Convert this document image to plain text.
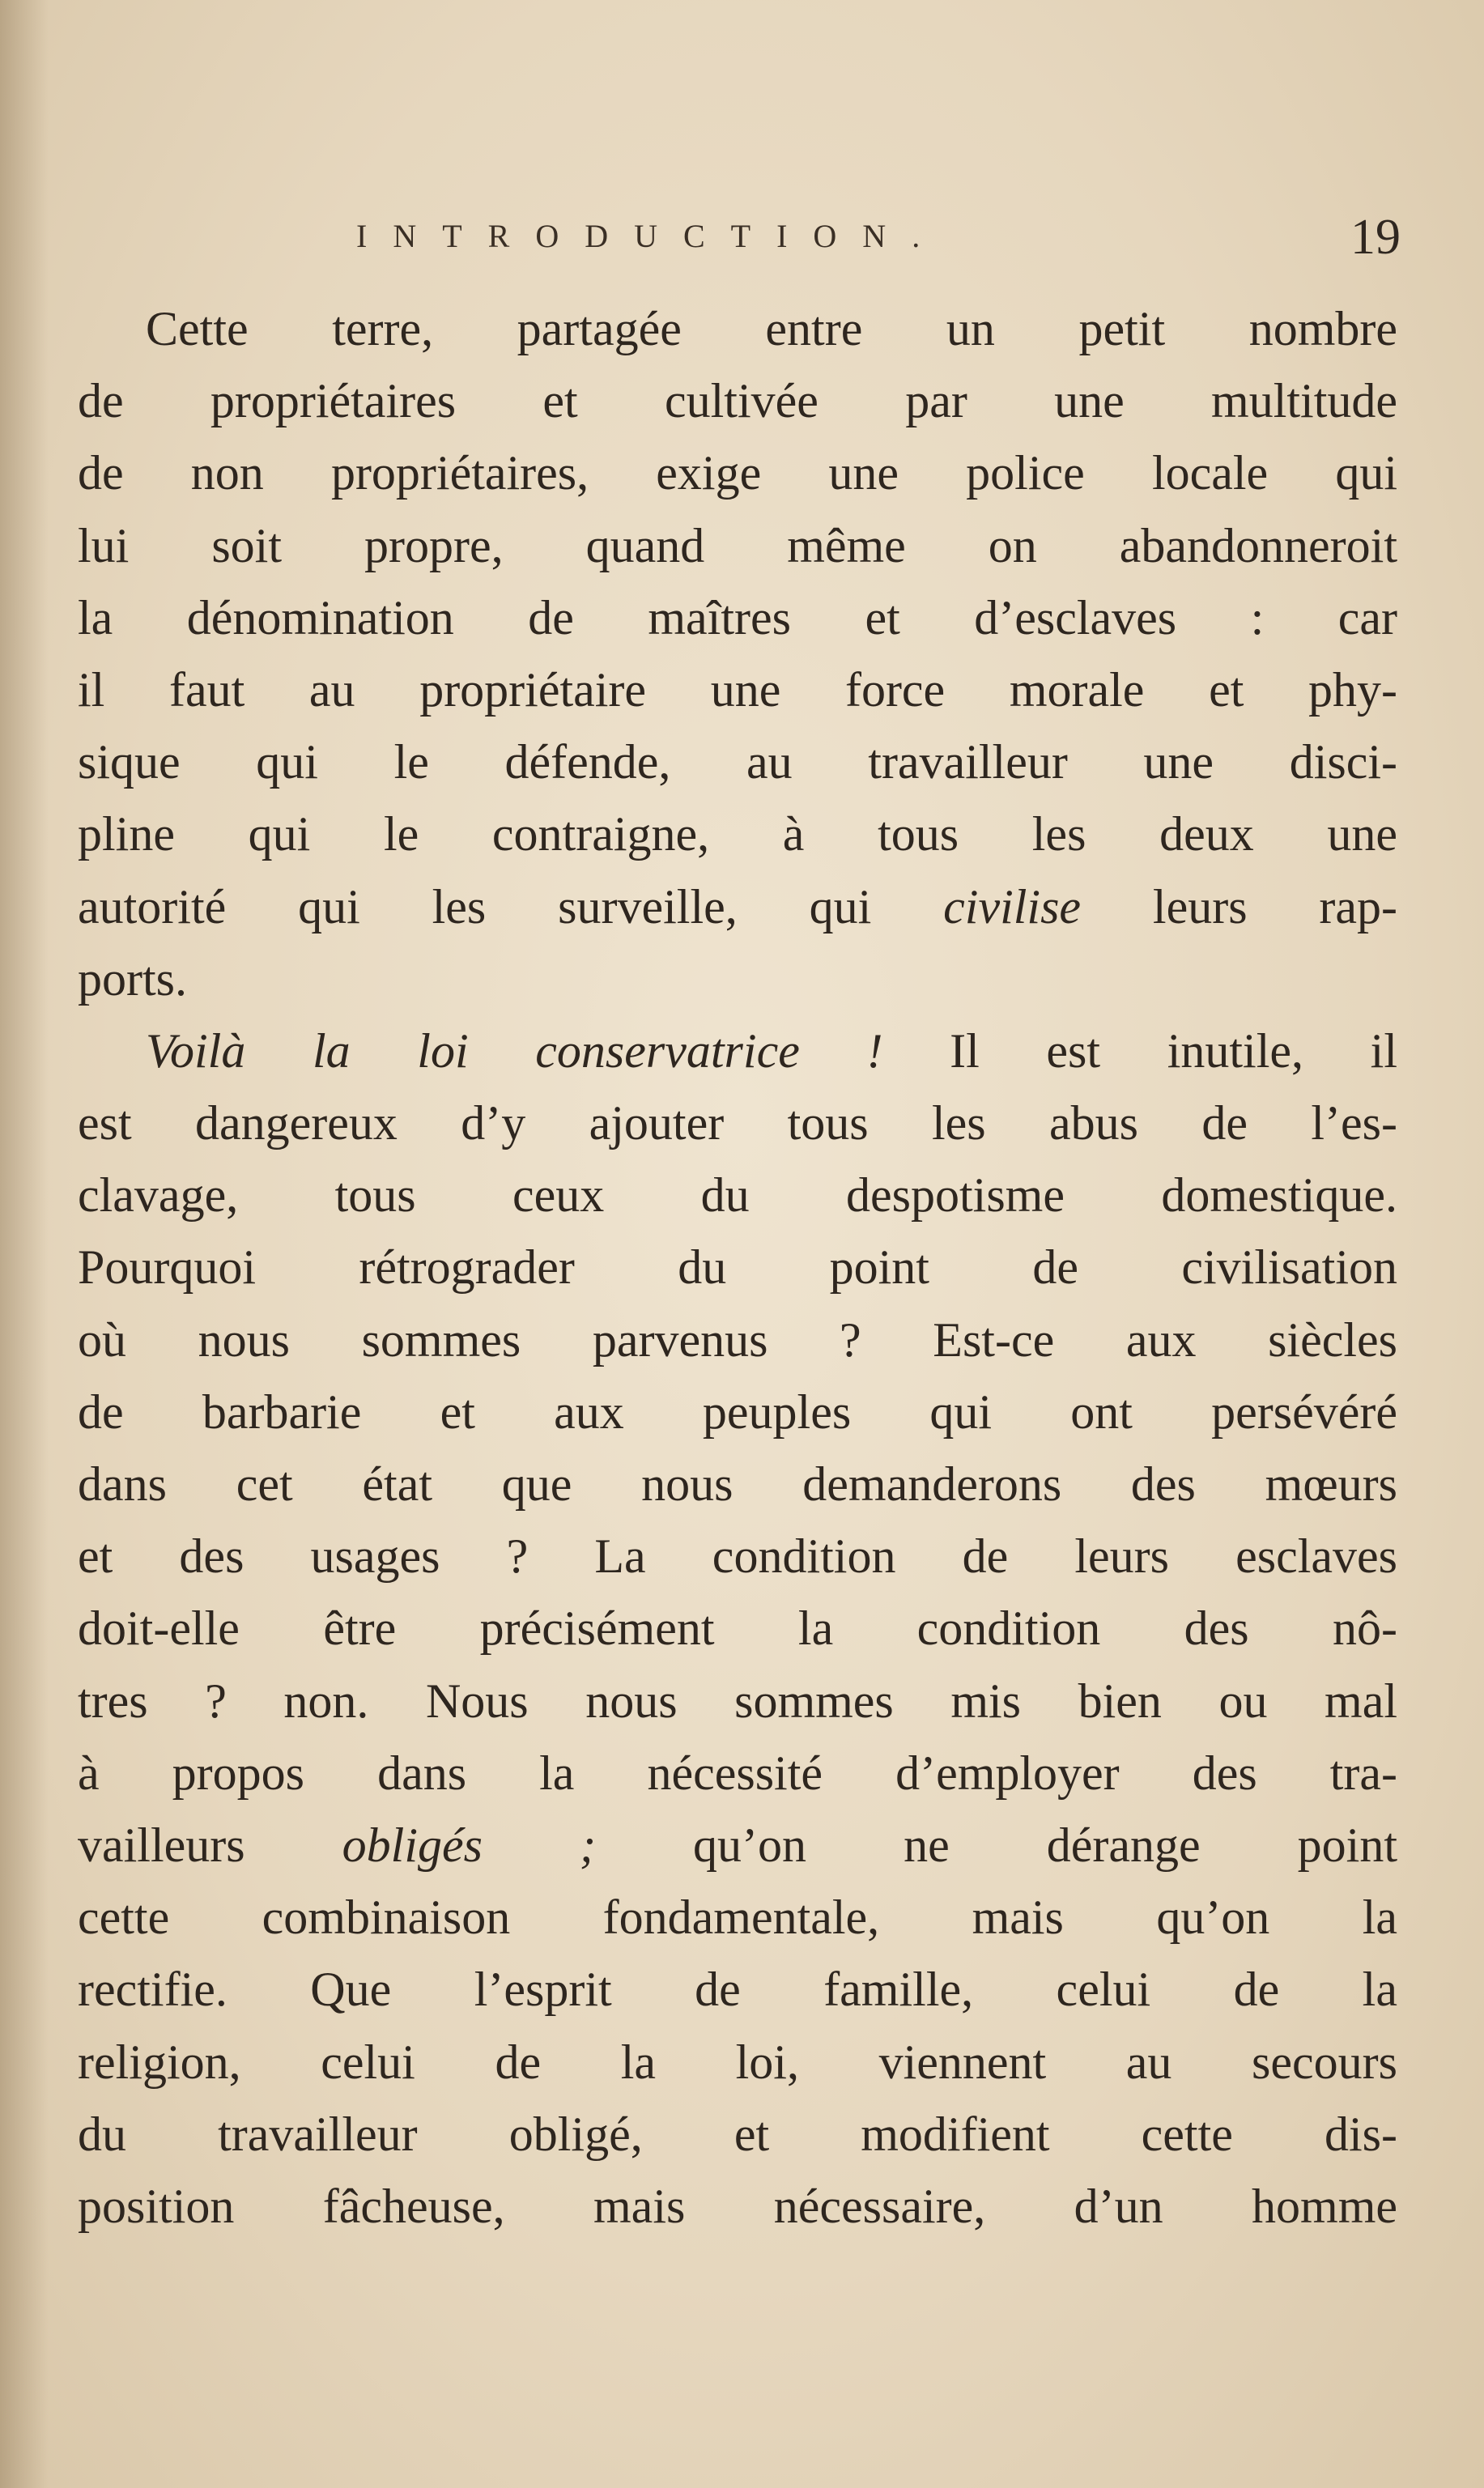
INTRODUCTION.	19
Cette terre, partagée entre un petit nombre
de propriétaires et cultivée par une multitude
de non propriétaires, exige une police locale qui
lui soit propre, quand même on abandonneroit
la dénomination de maîtres et d’esclaves : car
il faut au propriétaire une force morale et phy-
sique qui le défende, au travailleur une disci-
pline qui le contraigne, à tous les deux une
autorité qui les surveille, qui civilise leurs rap-
ports.
Voilà la loi conservatrice ! Il est inutile, il
est dangereux d’y ajouter tous les abus de l’es-
clavage, tous ceux du despotisme domestique.
Pourquoi rétrograder du point de civilisation
où nous sommes parvenus ? Est-ce aux siècles
de barbarie et aux peuples qui ont persévéré
dans cet état que nous demanderons des mœurs
et des usages ? La condition de leurs esclaves
doit-elle être précisément la condition des nô-
tres ? non. Nous nous sommes mis bien ou mal
à propos dans la nécessité d’employer des tra-
vailleurs obligés ; qu’on ne dérange point
cette combinaison fondamentale, mais qu’on la
rectifie. Que l’esprit de famille, celui de la
religion, celui de la loi, viennent au secours
du travailleur obligé, et modifient cette dis-
position fâcheuse, mais nécessaire, d’un homme
